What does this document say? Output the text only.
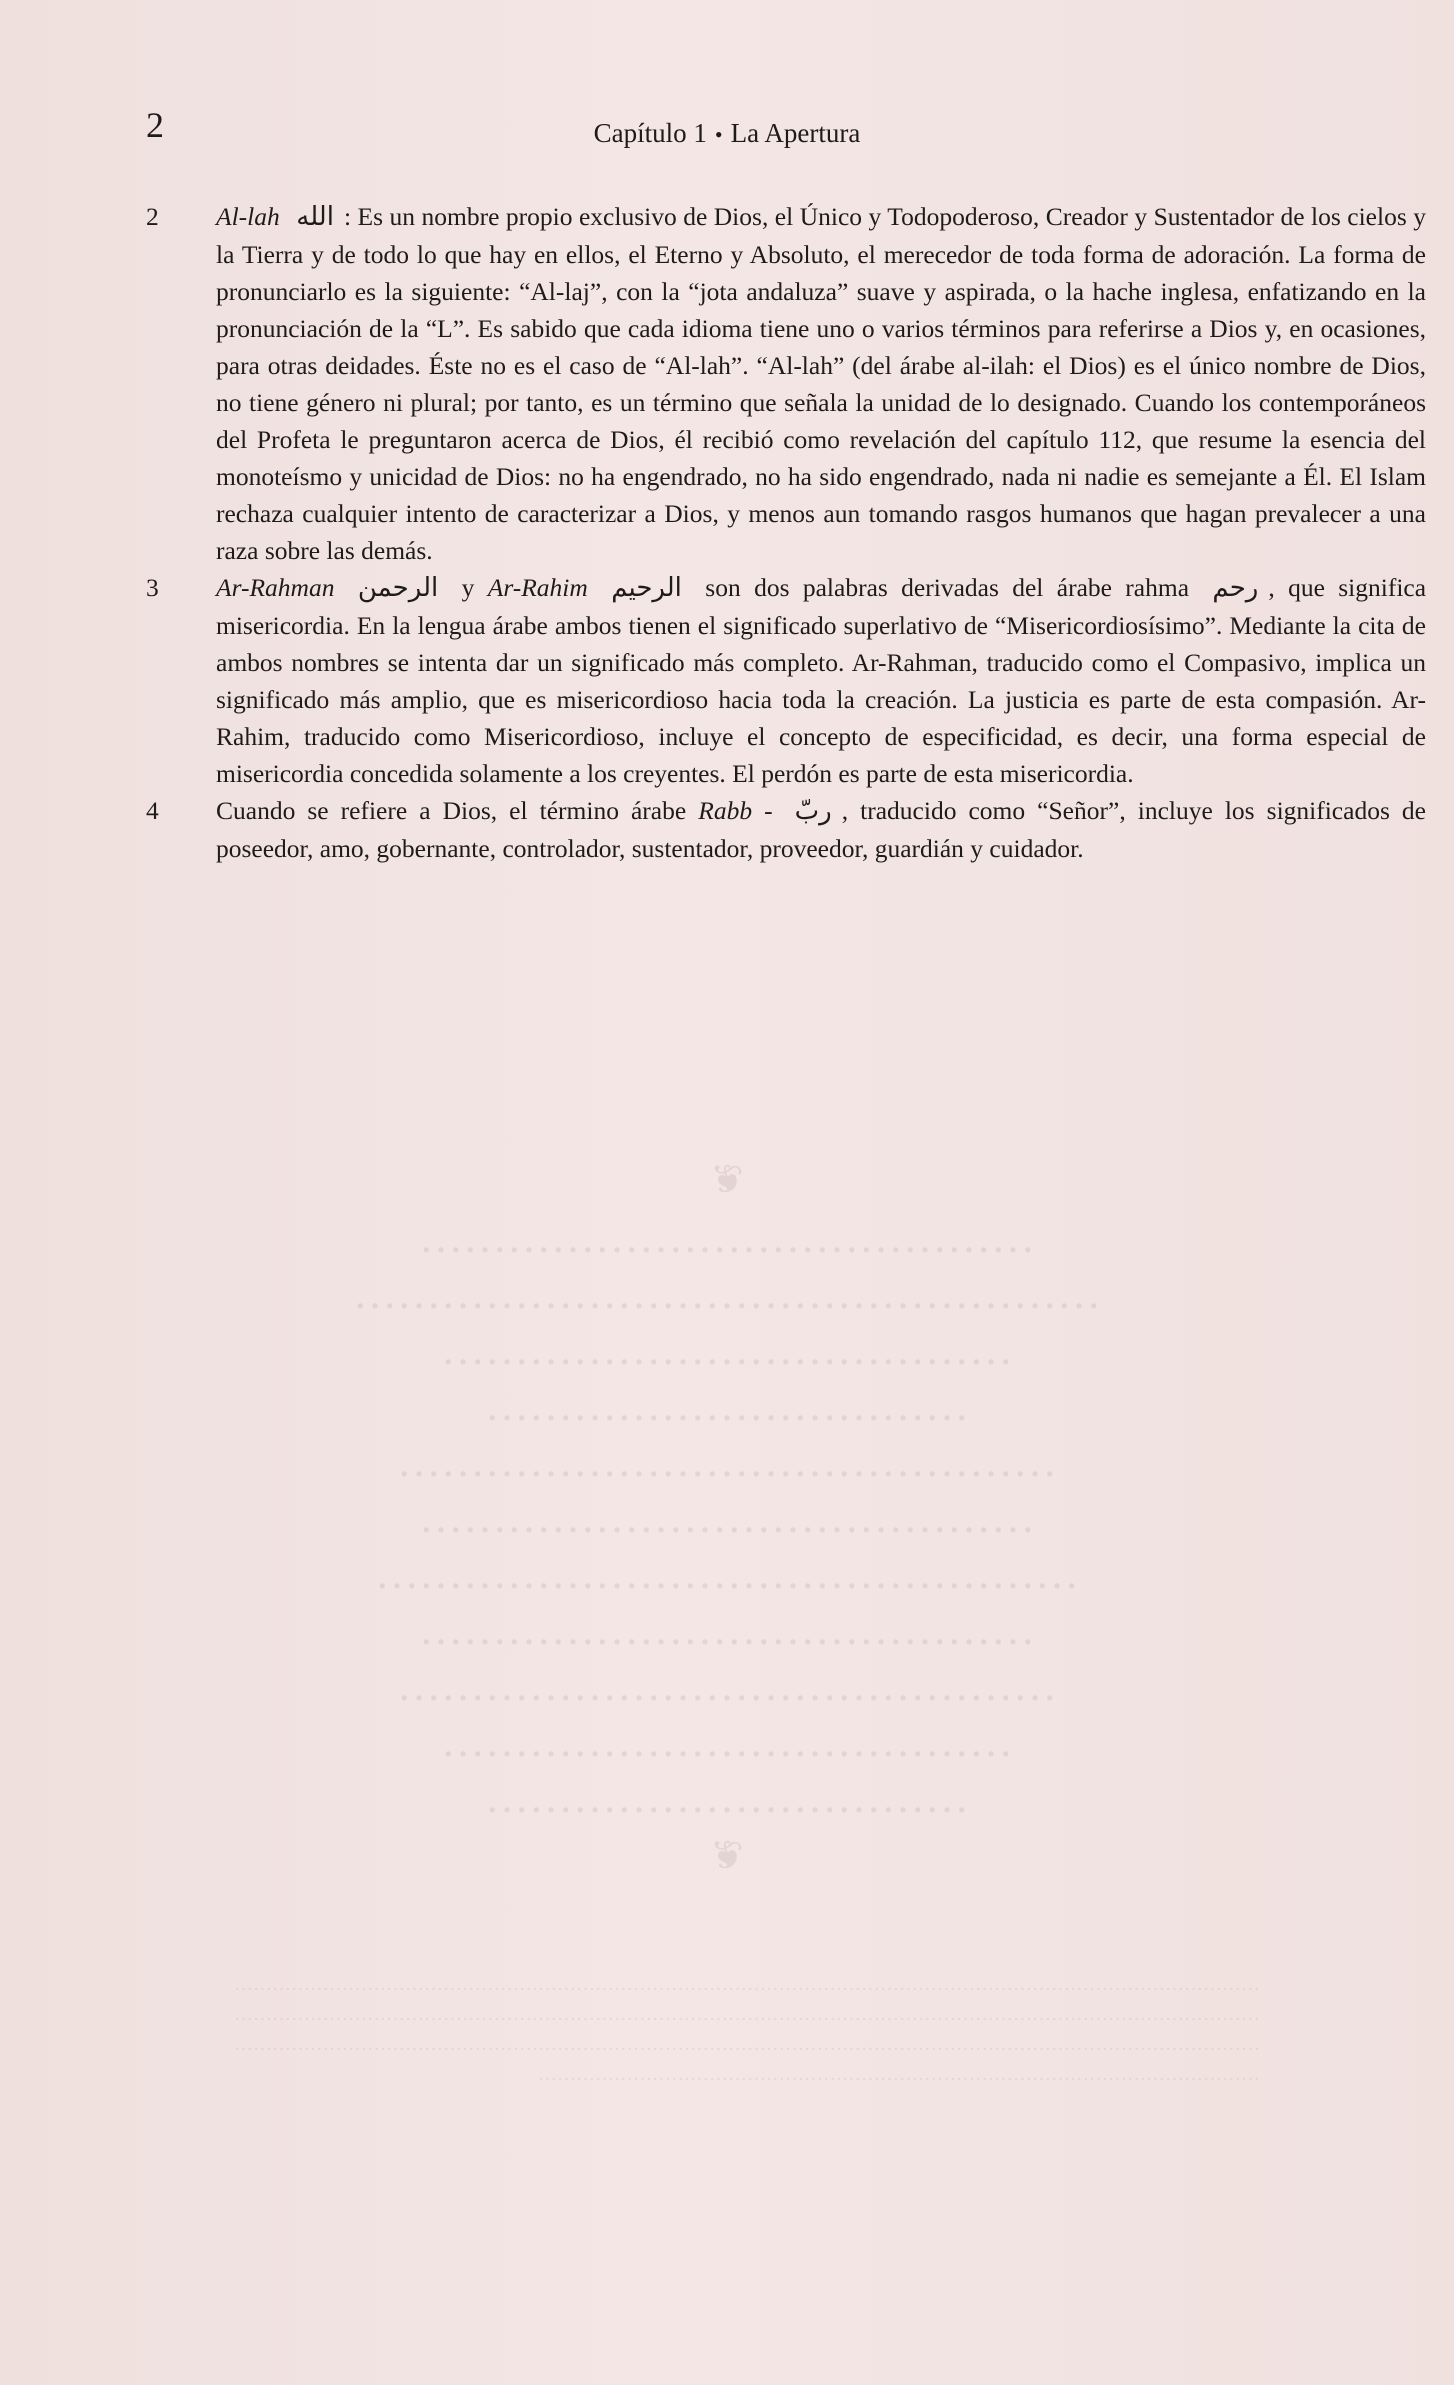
❦
……………………………………
……………………………………………
…………………………………
……………………………
………………………………………
……………………………………
…………………………………………
……………………………………
………………………………………
…………………………………
……………………………
❦
……………………………………………………………………………………………………………………………………………… ……………………………………………………………………………………………………………………………………………… ……………………………………………………………………………………………………………………………………………… ……………………………………………………………………………………………………
2	Capítulo 1 • La Apertura
2 Al-lah الله : Es un nombre propio exclusivo de Dios, el Único y Todopoderoso, Creador y Sustentador de los cielos y la Tierra y de todo lo que hay en ellos, el Eterno y Absoluto, el merecedor de toda forma de adoración. La forma de pronunciarlo es la siguiente: “Al-laj”, con la “jota andaluza” suave y aspirada, o la hache inglesa, enfatizando en la pronunciación de la “L”. Es sabido que cada idioma tiene uno o varios términos para referirse a Dios y, en ocasiones, para otras deidades. Éste no es el caso de “Al-lah”. “Al-lah” (del árabe al-ilah: el Dios) es el único nombre de Dios, no tiene género ni plural; por tanto, es un término que señala la unidad de lo designado. Cuando los contemporáneos del Profeta le preguntaron acerca de Dios, él recibió como revelación del capítulo 112, que resume la esencia del monoteísmo y unicidad de Dios: no ha engendrado, no ha sido engendrado, nada ni nadie es semejante a Él. El Islam rechaza cualquier intento de caracterizar a Dios, y menos aun tomando rasgos humanos que hagan prevalecer a una raza sobre las demás.
3 Ar-Rahman الرحمن y Ar-Rahim الرحيم son dos palabras derivadas del árabe rahma رحم , que significa misericordia. En la lengua árabe ambos tienen el significado superlativo de “Misericordiosísimo”. Mediante la cita de ambos nombres se intenta dar un significado más completo. Ar-Rahman, traducido como el Compasivo, implica un significado más amplio, que es misericordioso hacia toda la creación. La justicia es parte de esta compasión. Ar-Rahim, traducido como Misericordioso, incluye el concepto de especificidad, es decir, una forma especial de misericordia concedida solamente a los creyentes. El perdón es parte de esta misericordia.
4 Cuando se refiere a Dios, el término árabe Rabb - ربّ , traducido como “Señor”, incluye los significados de poseedor, amo, gobernante, controlador, sustentador, proveedor, guardián y cuidador.
